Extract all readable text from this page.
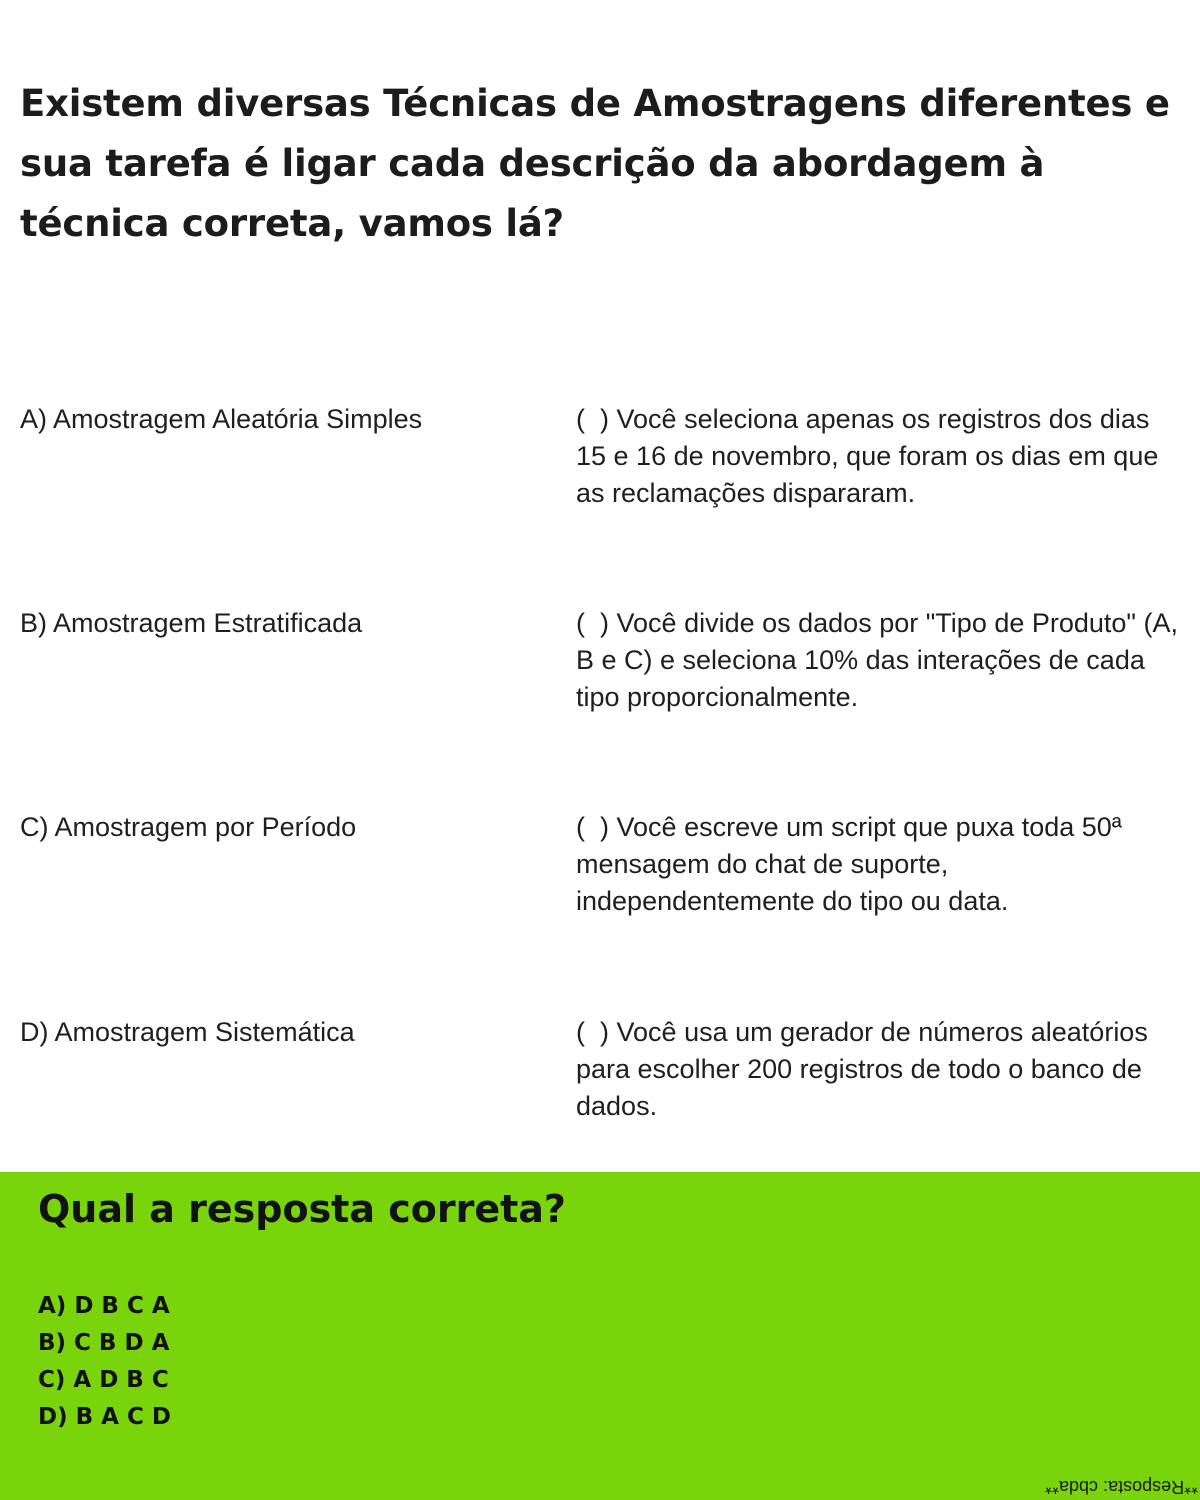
Existem diversas Técnicas de Amostragens diferentes e sua tarefa é ligar cada descrição da abordagem à técnica correta, vamos lá?
A) Amostragem Aleatória Simples	(  ) Você seleciona apenas os registros dos dias 15 e 16 de novembro, que foram os dias em que as reclamações dispararam.
B) Amostragem Estratificada	(  ) Você divide os dados por "Tipo de Produto" (A, B e C) e seleciona 10% das interações de cada tipo proporcionalmente.
C) Amostragem por Período	(  ) Você escreve um script que puxa toda 50ª mensagem do chat de suporte, independentemente do tipo ou data.
D) Amostragem Sistemática	(  ) Você usa um gerador de números aleatórios para escolher 200 registros de todo o banco de dados.
Qual a resposta correta?
A) D B C A
B) C B D A
C) A D B C
D) B A C D
**Resposta: cbda**
